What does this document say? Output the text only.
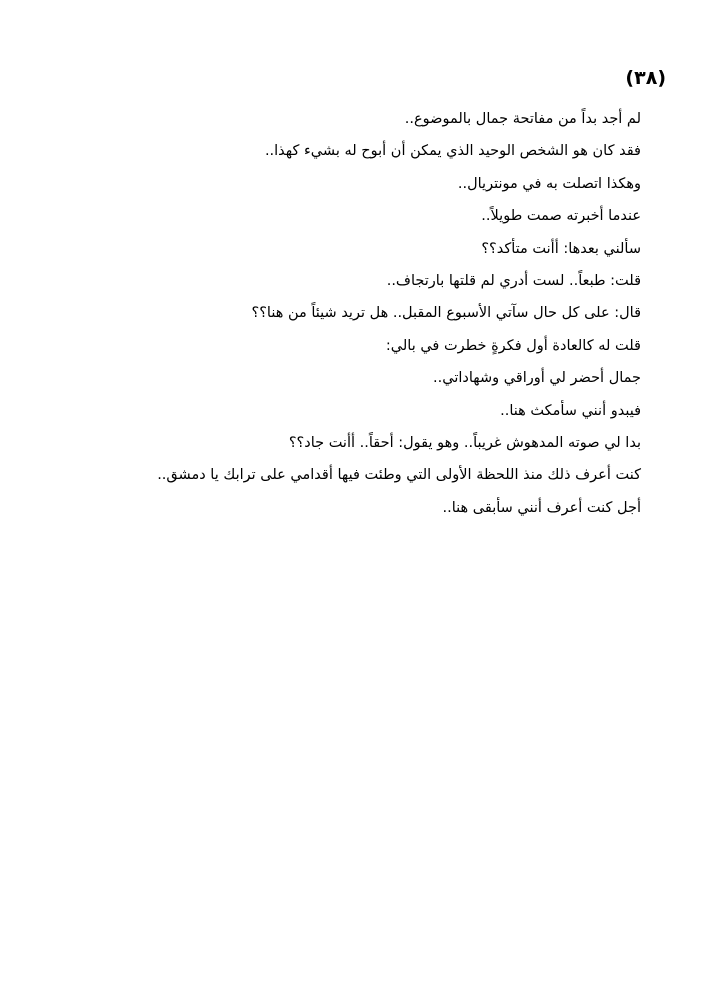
(٣٨)
لم أجد بداً من مفاتحة جمال بالموضوع..
فقد كان هو الشخص الوحيد الذي يمكن أن أبوح له بشيء كهذا..
وهكذا اتصلت به في مونتريال..
عندما أخبرته صمت طويلاً..
سألني بعدها: أأنت متأكد؟؟
قلت: طبعاً.. لست أدري لم قلتها بارتجاف..
قال: على كل حال سآتي الأسبوع المقبل.. هل تريد شيئاً من هنا؟؟
قلت له كالعادة أول فكرةٍ خطرت في بالي:
جمال أحضر لي أوراقي وشهاداتي..
فيبدو أنني سأمكث هنا..
بدا لي صوته المدهوش غريباً.. وهو يقول: أحقاً.. أأنت جاد؟؟
كنت أعرف ذلك منذ اللحظة الأولى التي وطئت فيها أقدامي على ترابك يا دمشق..
أجل كنت أعرف أنني سأبقى هنا..
